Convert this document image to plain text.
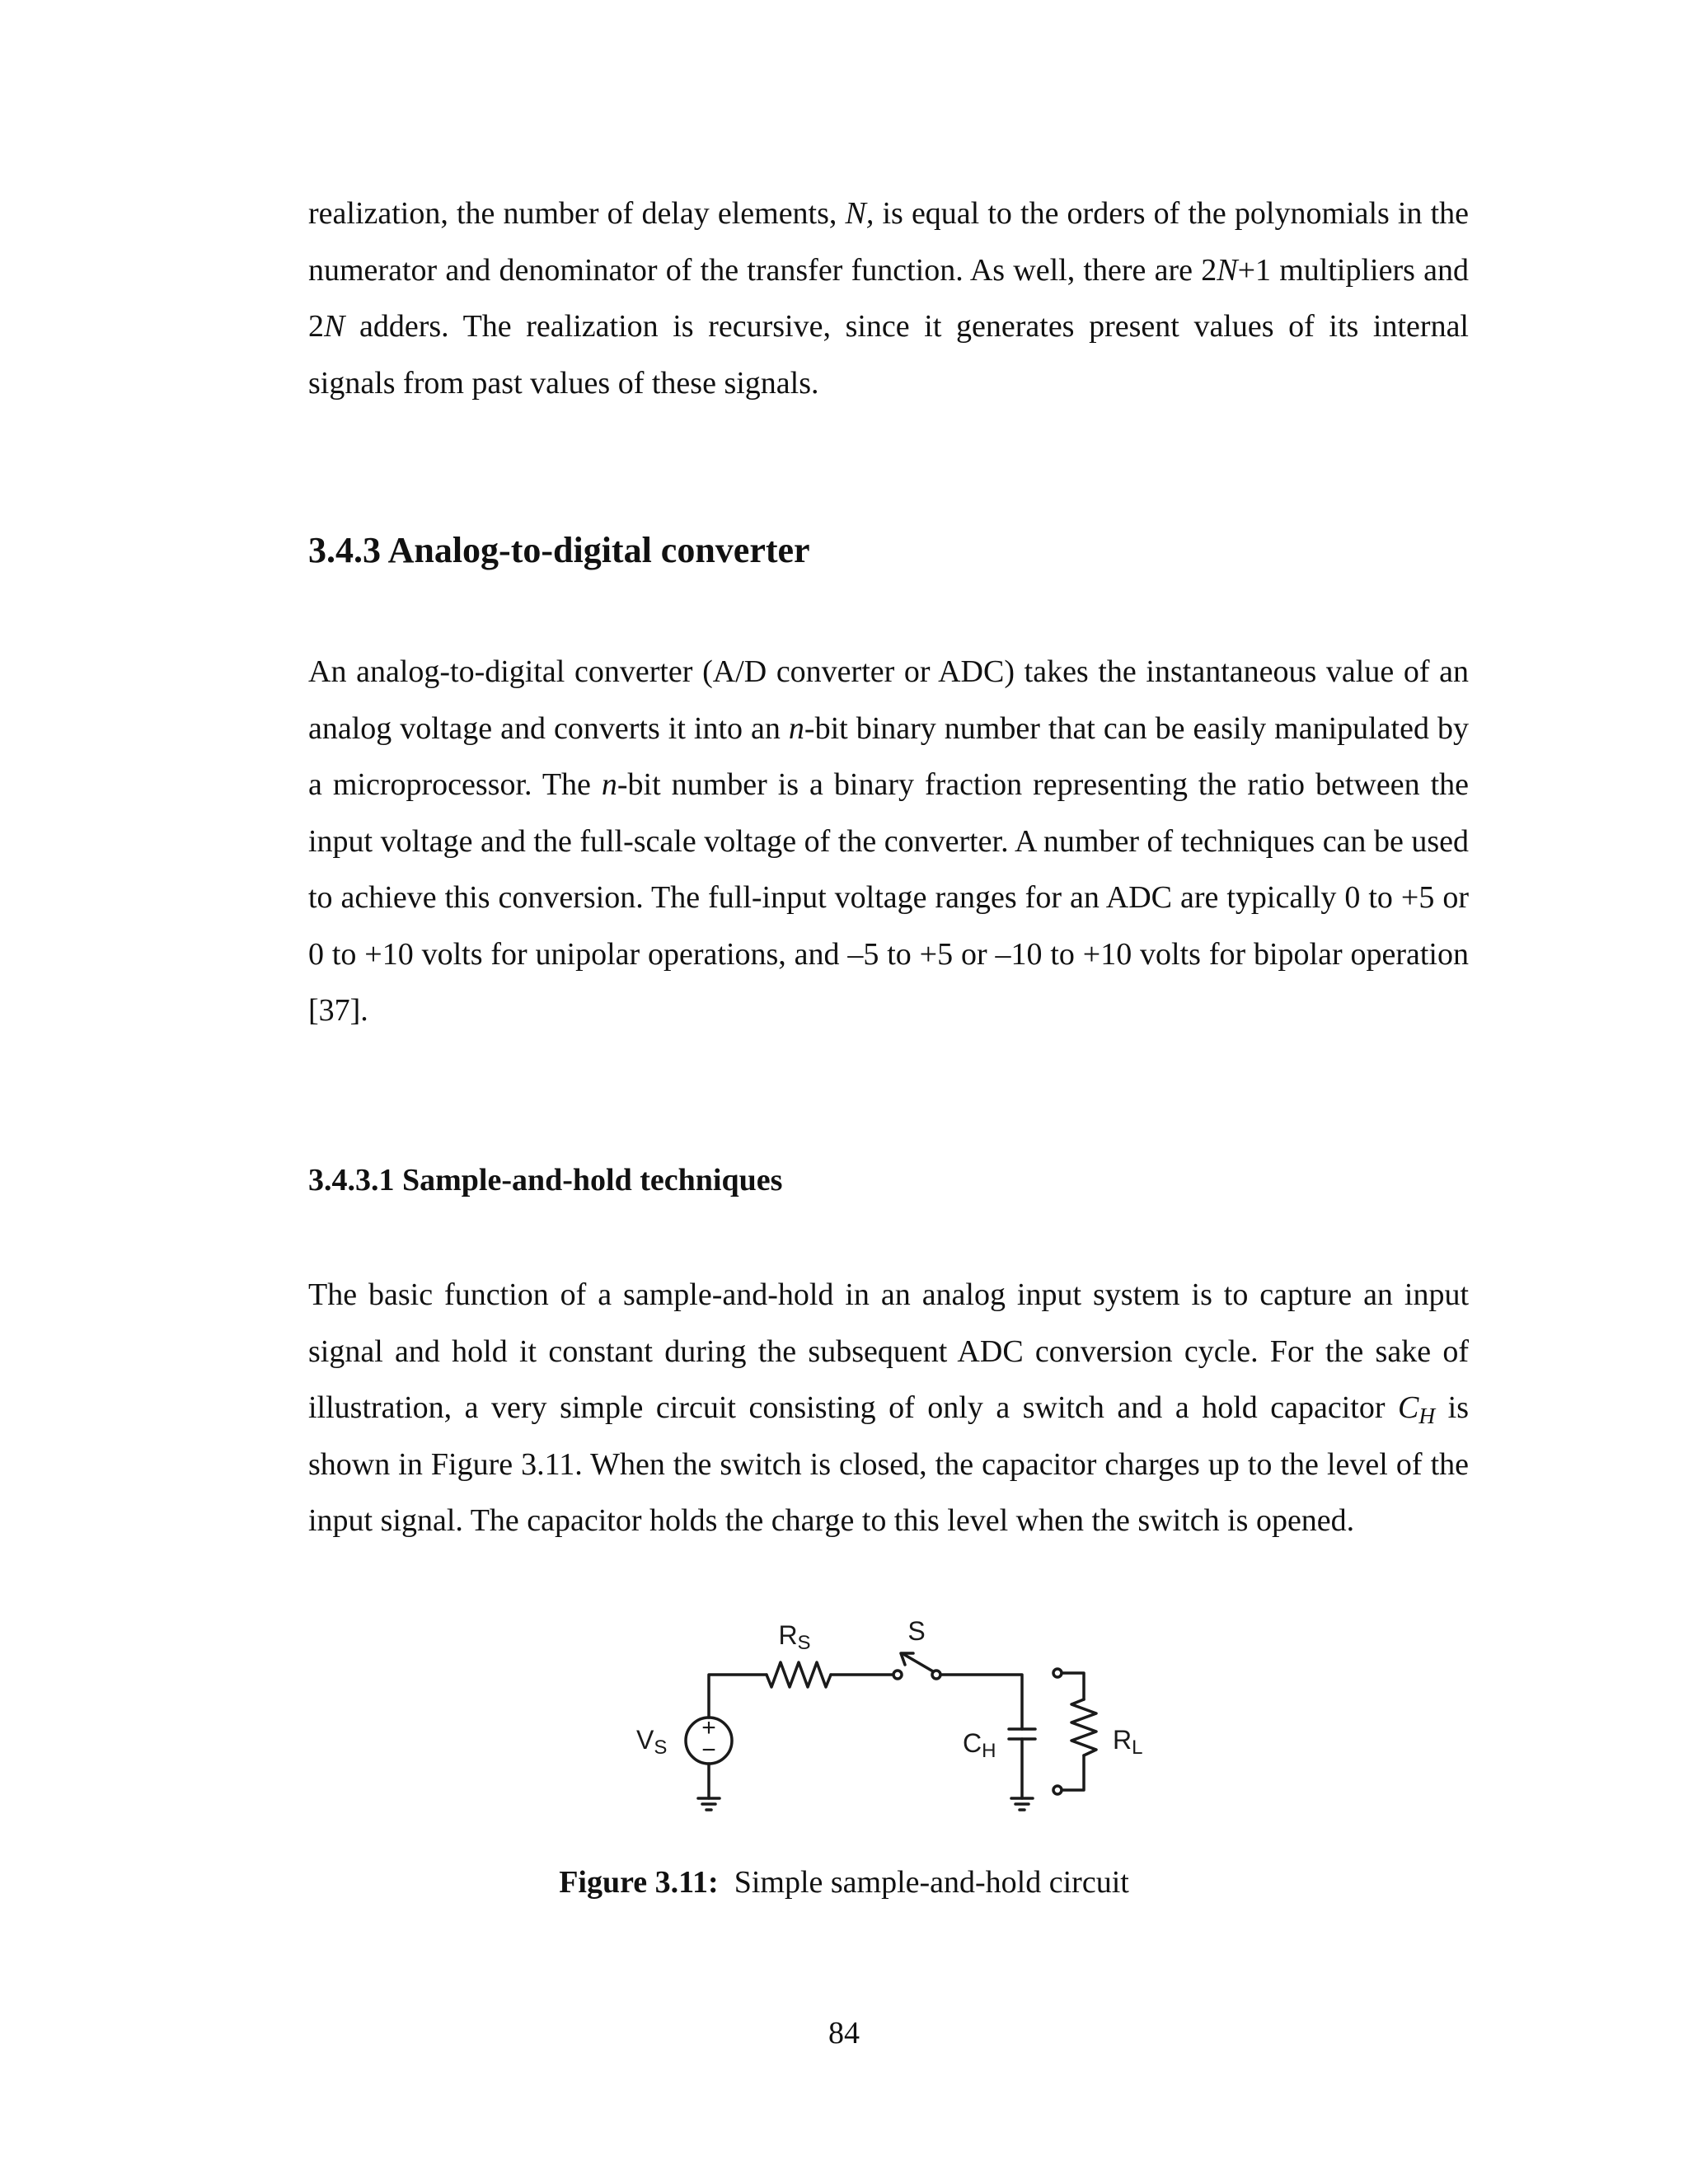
realization, the number of delay elements, N, is equal to the orders of the polynomials in the numerator and denominator of the transfer function. As well, there are 2N+1 multipliers and 2N adders. The realization is recursive, since it generates present values of its internal signals from past values of these signals.

3.4.3 Analog-to-digital converter

An analog-to-digital converter (A/D converter or ADC) takes the instantaneous value of an analog voltage and converts it into an n-bit binary number that can be easily manipulated by a microprocessor. The n-bit number is a binary fraction representing the ratio between the input voltage and the full-scale voltage of the converter. A number of techniques can be used to achieve this conversion. The full-input voltage ranges for an ADC are typically 0 to +5 or 0 to +10 volts for unipolar operations, and –5 to +5 or –10 to +10 volts for bipolar operation [37].

3.4.3.1 Sample-and-hold techniques

The basic function of a sample-and-hold in an analog input system is to capture an input signal and hold it constant during the subsequent ADC conversion cycle. For the sake of illustration, a very simple circuit consisting of only a switch and a hold capacitor $C_H$ is shown in Figure 3.11. When the switch is closed, the capacitor charges up to the level of the input signal. The capacitor holds the charge to this level when the switch is opened.

+
−
RS	S
VS	CH	RL
Figure 3.11: Simple sample-and-hold circuit
84
